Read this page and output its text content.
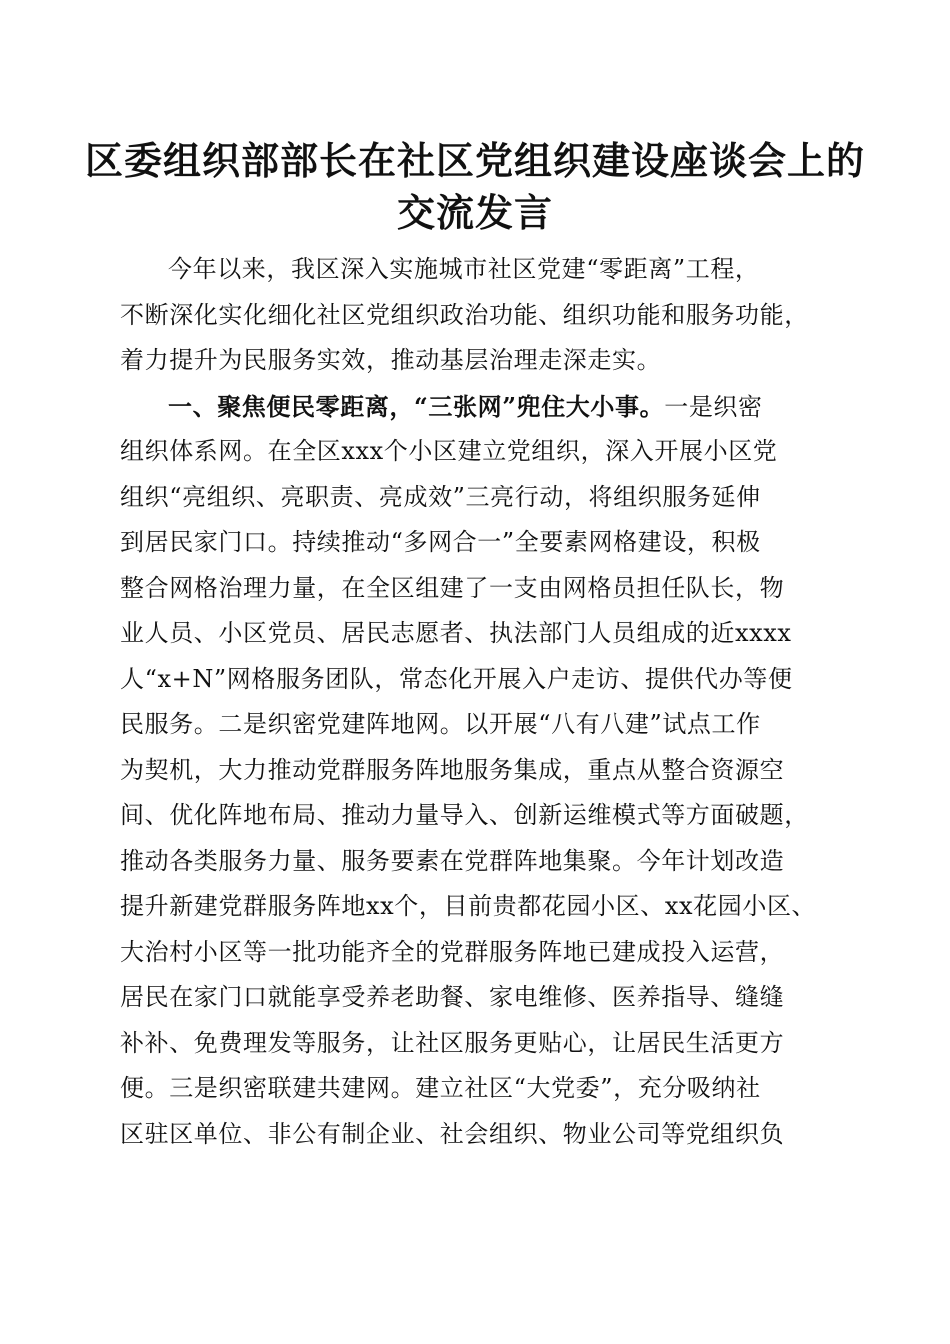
区委组织部部长在社区党组织建设座谈会上的
交流发言
今年以来，我区深入实施城市社区党建“零距离”工程，
不断深化实化细化社区党组织政治功能、组织功能和服务功能，
着力提升为民服务实效，推动基层治理走深走实。
一、聚焦便民零距离，“三张网”兜住大小事。一是织密
组织体系网。在全区xxx个小区建立党组织，深入开展小区党
组织“亮组织、亮职责、亮成效”三亮行动，将组织服务延伸
到居民家门口。持续推动“多网合一”全要素网格建设，积极
整合网格治理力量，在全区组建了一支由网格员担任队长，物
业人员、小区党员、居民志愿者、执法部门人员组成的近xxxx
人“x+N”网格服务团队，常态化开展入户走访、提供代办等便
民服务。二是织密党建阵地网。以开展“八有八建”试点工作
为契机，大力推动党群服务阵地服务集成，重点从整合资源空
间、优化阵地布局、推动力量导入、创新运维模式等方面破题，
推动各类服务力量、服务要素在党群阵地集聚。今年计划改造
提升新建党群服务阵地xx个，目前贵都花园小区、xx花园小区、
大治村小区等一批功能齐全的党群服务阵地已建成投入运营，
居民在家门口就能享受养老助餐、家电维修、医养指导、缝缝
补补、免费理发等服务，让社区服务更贴心，让居民生活更方
便。三是织密联建共建网。建立社区“大党委”，充分吸纳社
区驻区单位、非公有制企业、社会组织、物业公司等党组织负
